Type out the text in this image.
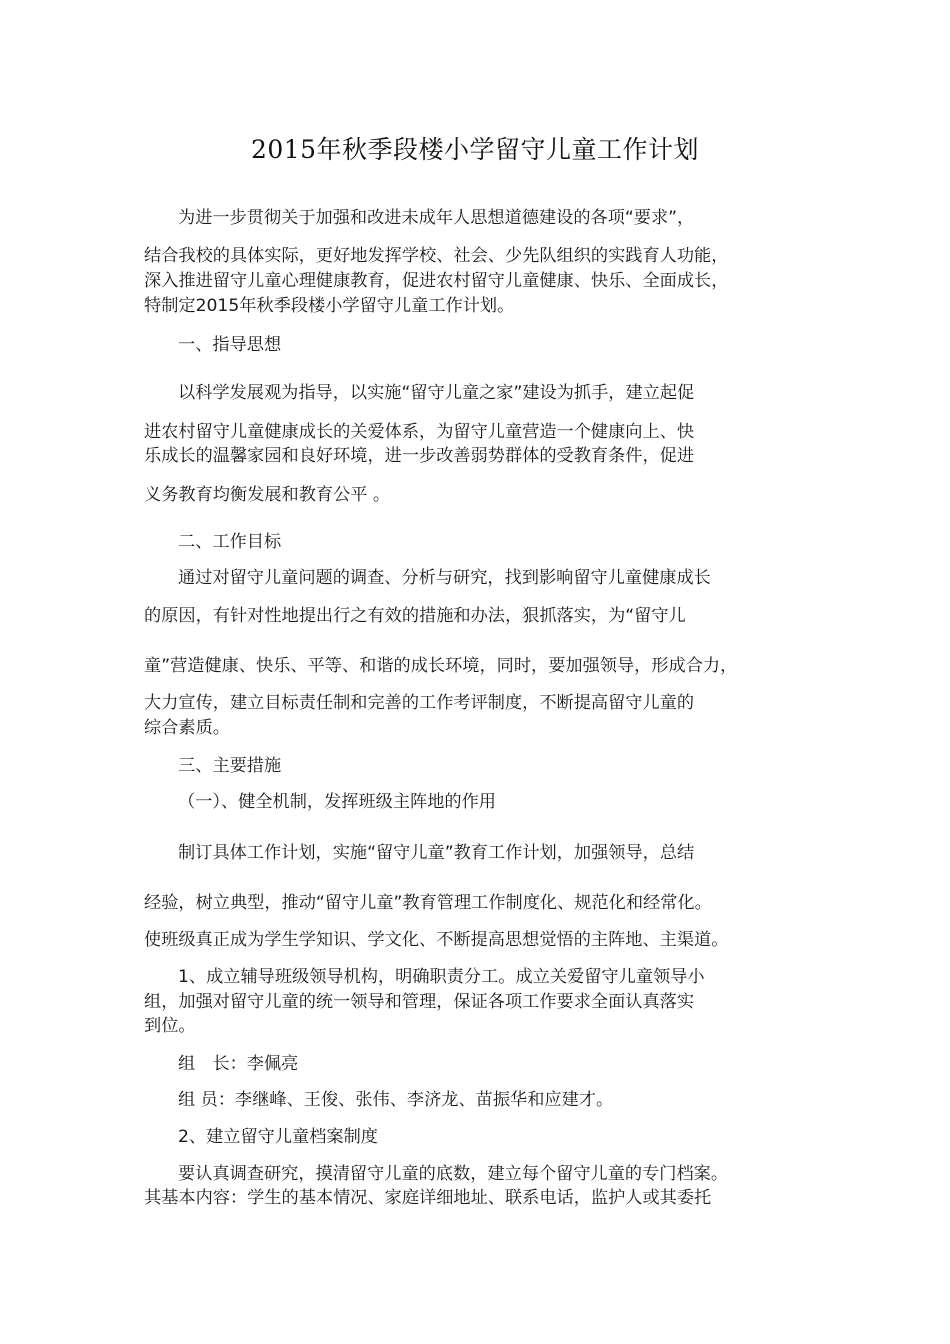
2015年秋季段楼小学留守儿童工作计划
为进一步贯彻关于加强和改进未成年人思想道德建设的各项“要求”，
结合我校的具体实际，更好地发挥学校、社会、少先队组织的实践育人功能，
深入推进留守儿童心理健康教育，促进农村留守儿童健康、快乐、全面成长，
特制定2015年秋季段楼小学留守儿童工作计划。
一、指导思想
以科学发展观为指导，以实施“留守儿童之家”建设为抓手，建立起促
进农村留守儿童健康成长的关爱体系，为留守儿童营造一个健康向上、快
乐成长的温馨家园和良好环境，进一步改善弱势群体的受教育条件，促进
义务教育均衡发展和教育公平 。
二、工作目标
通过对留守儿童问题的调查、分析与研究，找到影响留守儿童健康成长
的原因，有针对性地提出行之有效的措施和办法，狠抓落实，为“留守儿
童”营造健康、快乐、平等、和谐的成长环境，同时，要加强领导，形成合力，
大力宣传，建立目标责任制和完善的工作考评制度，不断提高留守儿童的
综合素质。
三、主要措施
（一）、健全机制，发挥班级主阵地的作用
制订具体工作计划，实施“留守儿童”教育工作计划，加强领导，总结
经验，树立典型，推动“留守儿童”教育管理工作制度化、规范化和经常化。
使班级真正成为学生学知识、学文化、不断提高思想觉悟的主阵地、主渠道。
1、成立辅导班级领导机构，明确职责分工。成立关爱留守儿童领导小
组，加强对留守儿童的统一领导和管理，保证各项工作要求全面认真落实
到位。
组　长：李佩亮
组 员：李继峰、王俊、张伟、李济龙、苗振华和应建才。
2、建立留守儿童档案制度
要认真调查研究，摸清留守儿童的底数，建立每个留守儿童的专门档案。
其基本内容：学生的基本情况、家庭详细地址、联系电话，监护人或其委托
